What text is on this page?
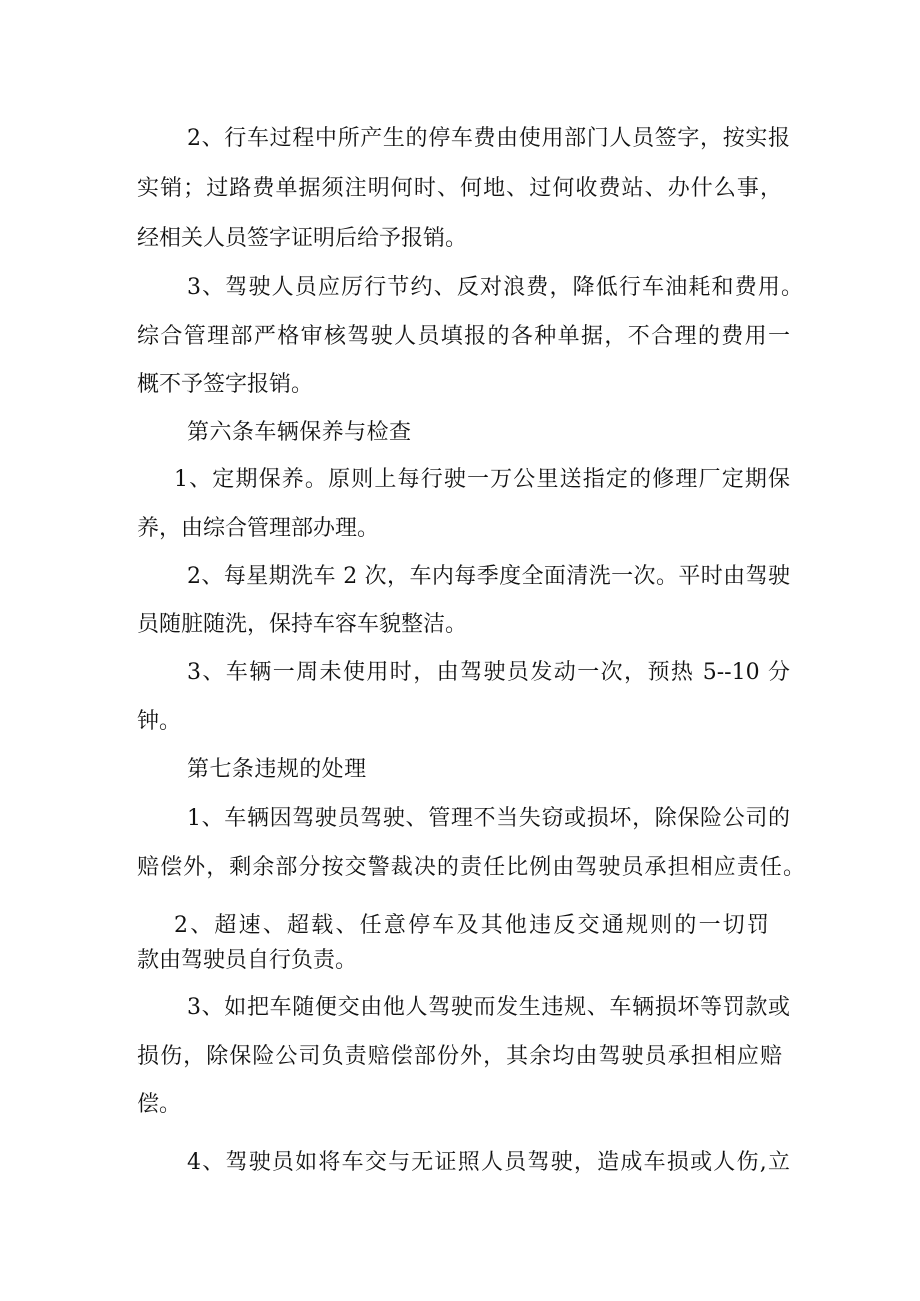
2、行车过程中所产生的停车费由使用部门人员签字，按实报
实销；过路费单据须注明何时、何地、过何收费站、办什么事，
经相关人员签字证明后给予报销。
3、驾驶人员应厉行节约、反对浪费，降低行车油耗和费用。
综合管理部严格审核驾驶人员填报的各种单据，不合理的费用一
概不予签字报销。
第六条车辆保养与检查
1、定期保养。原则上每行驶一万公里送指定的修理厂定期保
养，由综合管理部办理。
2、每星期洗车 2 次，车内每季度全面清洗一次。平时由驾驶
员随脏随洗，保持车容车貌整洁。
3、车辆一周未使用时，由驾驶员发动一次，预热 5--10 分
钟。
第七条违规的处理
1、车辆因驾驶员驾驶、管理不当失窃或损坏，除保险公司的
赔偿外，剩余部分按交警裁决的责任比例由驾驶员承担相应责任。
2、超速、超载、任意停车及其他违反交通规则的一切罚
款由驾驶员自行负责。
3、如把车随便交由他人驾驶而发生违规、车辆损坏等罚款或
损伤，除保险公司负责赔偿部份外，其余均由驾驶员承担相应赔
偿。
4、驾驶员如将车交与无证照人员驾驶，造成车损或人伤,立
